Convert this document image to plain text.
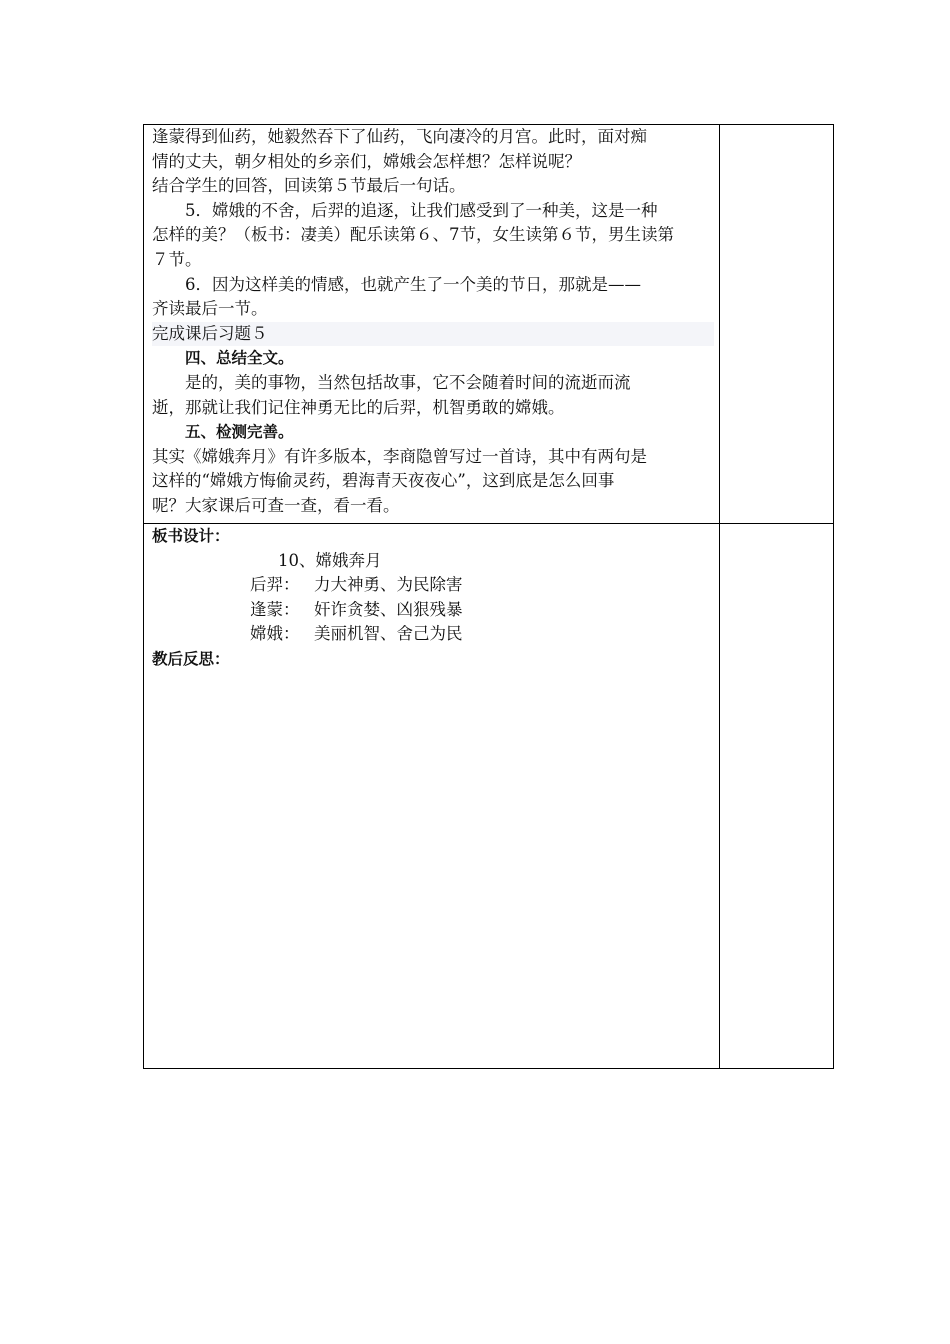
逢蒙得到仙药，她毅然吞下了仙药，飞向凄冷的月宫。此时，面对痴
情的丈夫，朝夕相处的乡亲们，嫦娥会怎样想？怎样说呢？
结合学生的回答，回读第５节最后一句话。
5．嫦娥的不舍，后羿的追逐，让我们感受到了一种美，这是一种
怎样的美？（板书：凄美）配乐读第６、7节，女生读第６节，男生读第
７节。
6．因为这样美的情感，也就产生了一个美的节日，那就是——
齐读最后一节。
完成课后习题５
四、总结全文。
是的，美的事物，当然包括故事，它不会随着时间的流逝而流
逝，那就让我们记住神勇无比的后羿，机智勇敢的嫦娥。
五、检测完善。
其实《嫦娥奔月》有许多版本，李商隐曾写过一首诗，其中有两句是
这样的“嫦娥方悔偷灵药，碧海青天夜夜心”，这到底是怎么回事
呢？大家课后可查一查，看一看。
板书设计：
10、嫦娥奔月
后羿： 力大神勇、为民除害
逢蒙： 奸诈贪婪、凶狠残暴
嫦娥： 美丽机智、舍己为民
教后反思：
